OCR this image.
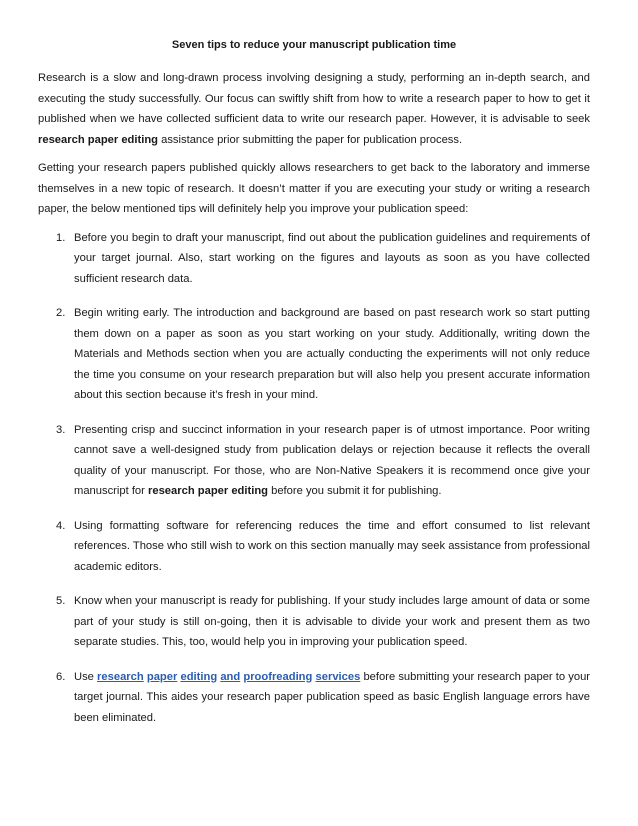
Seven tips to reduce your manuscript publication time

Research is a slow and long-drawn process involving designing a study, performing an in-depth search, and executing the study successfully. Our focus can swiftly shift from how to write a research paper to how to get it published when we have collected sufficient data to write our research paper. However, it is advisable to seek research paper editing assistance prior submitting the paper for publication process.

Getting your research papers published quickly allows researchers to get back to the laboratory and immerse themselves in a new topic of research. It doesn’t matter if you are executing your study or writing a research paper, the below mentioned tips will definitely help you improve your publication speed:

1. Before you begin to draft your manuscript, find out about the publication guidelines and requirements of your target journal. Also, start working on the figures and layouts as soon as you have collected sufficient research data.
2. Begin writing early. The introduction and background are based on past research work so start putting them down on a paper as soon as you start working on your study. Additionally, writing down the Materials and Methods section when you are actually conducting the experiments will not only reduce the time you consume on your research preparation but will also help you present accurate information about this section because it’s fresh in your mind.
3. Presenting crisp and succinct information in your research paper is of utmost importance. Poor writing cannot save a well-designed study from publication delays or rejection because it reflects the overall quality of your manuscript. For those, who are Non-Native Speakers it is recommend once give your manuscript for research paper editing before you submit it for publishing.
4. Using formatting software for referencing reduces the time and effort consumed to list relevant references. Those who still wish to work on this section manually may seek assistance from professional academic editors.
5. Know when your manuscript is ready for publishing. If your study includes large amount of data or some part of your study is still on-going, then it is advisable to divide your work and present them as two separate studies. This, too, would help you in improving your publication speed.
6. Use research paper editing and proofreading services before submitting your research paper to your target journal. This aides your research paper publication speed as basic English language errors have been eliminated.
